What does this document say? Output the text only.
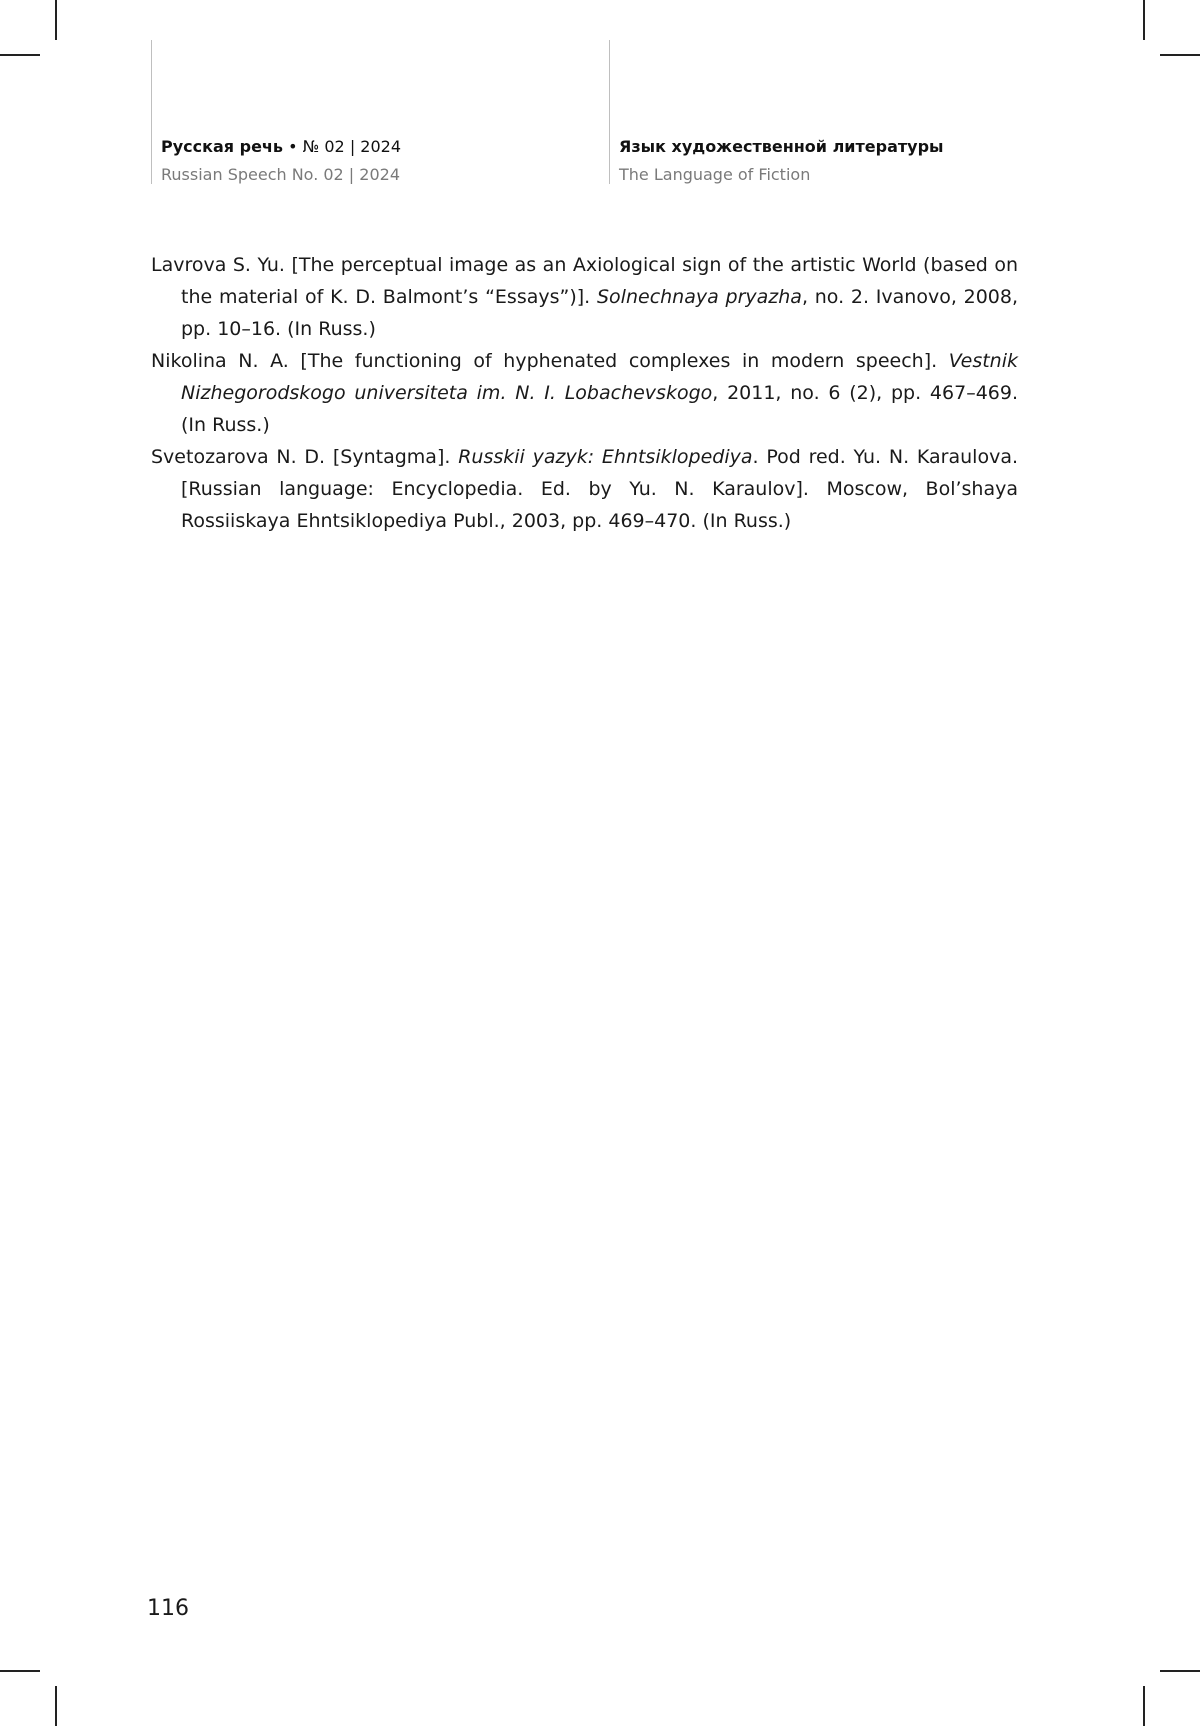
Русская речь • № 02 | 2024
Russian Speech No. 02 | 2024
Язык художественной литературы
The Language of Fiction

Lavrova S. Yu. [The perceptual image as an Axiological sign of the artistic World (based on the material of K. D. Balmont’s “Essays”)]. Solnechnaya pryazha, no. 2. Ivanovo, 2008, pp. 10–16. (In Russ.)

Nikolina N. A. [The functioning of hyphenated complexes in modern speech]. Vestnik Nizhegorodskogo universiteta im. N. I. Lobachevskogo, 2011, no. 6 (2), pp. 467–469. (In Russ.)

Svetozarova N. D. [Syntagma]. Russkii yazyk: Ehntsiklopediya. Pod red. Yu. N. Karaulova. [Russian language: Encyclopedia. Ed. by Yu. N. Karaulov]. Moscow, Bol’shaya Rossiiskaya Ehntsiklopediya Publ., 2003, pp. 469–470. (In Russ.)

116
